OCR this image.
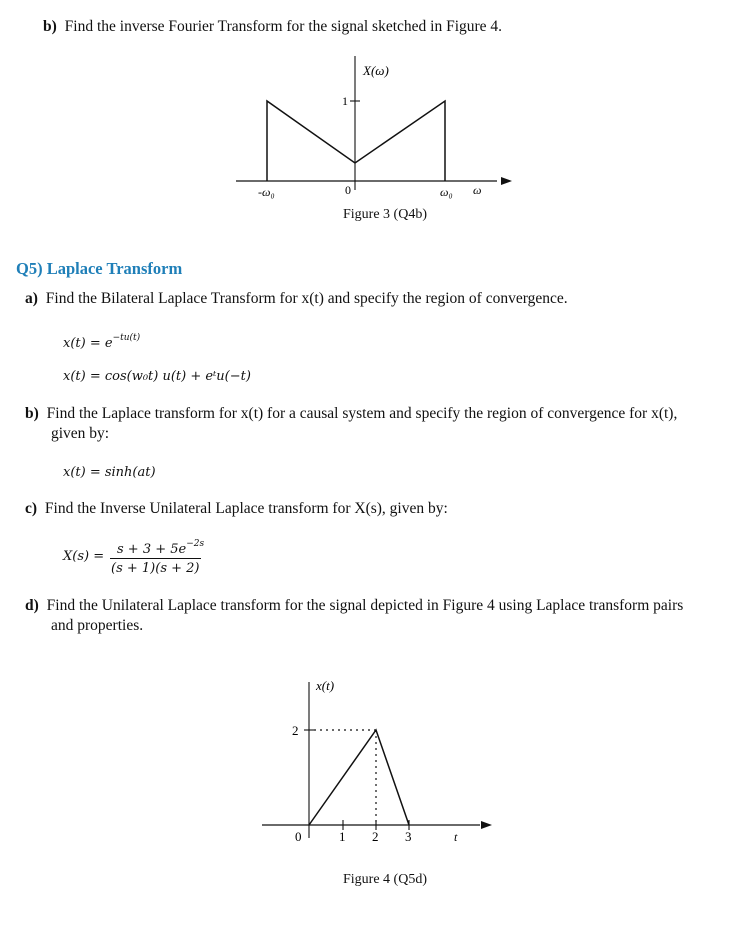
b) Find the inverse Fourier Transform for the signal sketched in Figure 4.
X(ω)
1
-ω₀	0	ω₀ ω
Figure 3 (Q4b)
Q5) Laplace Transform
a) Find the Bilateral Laplace Transform for x(t) and specify the region of convergence.
$x(t) = e^{-tu(t)}$
x(t) = cos(w₀t) u(t) + eᵗu(−t)
b) Find the Laplace transform for x(t) for a causal system and specify the region of convergence for x(t),
given by:
x(t) = sinh(at)
c) Find the Inverse Unilateral Laplace transform for X(s), given by:
$X(s) = s + 3 + 5e^{-2s}$
(s + 1)(s + 2)
d) Find the Unilateral Laplace transform for the signal depicted in Figure 4 using Laplace transform pairs
and properties.
x(t)
2
0	1 2 3	t
Figure 4 (Q5d)
